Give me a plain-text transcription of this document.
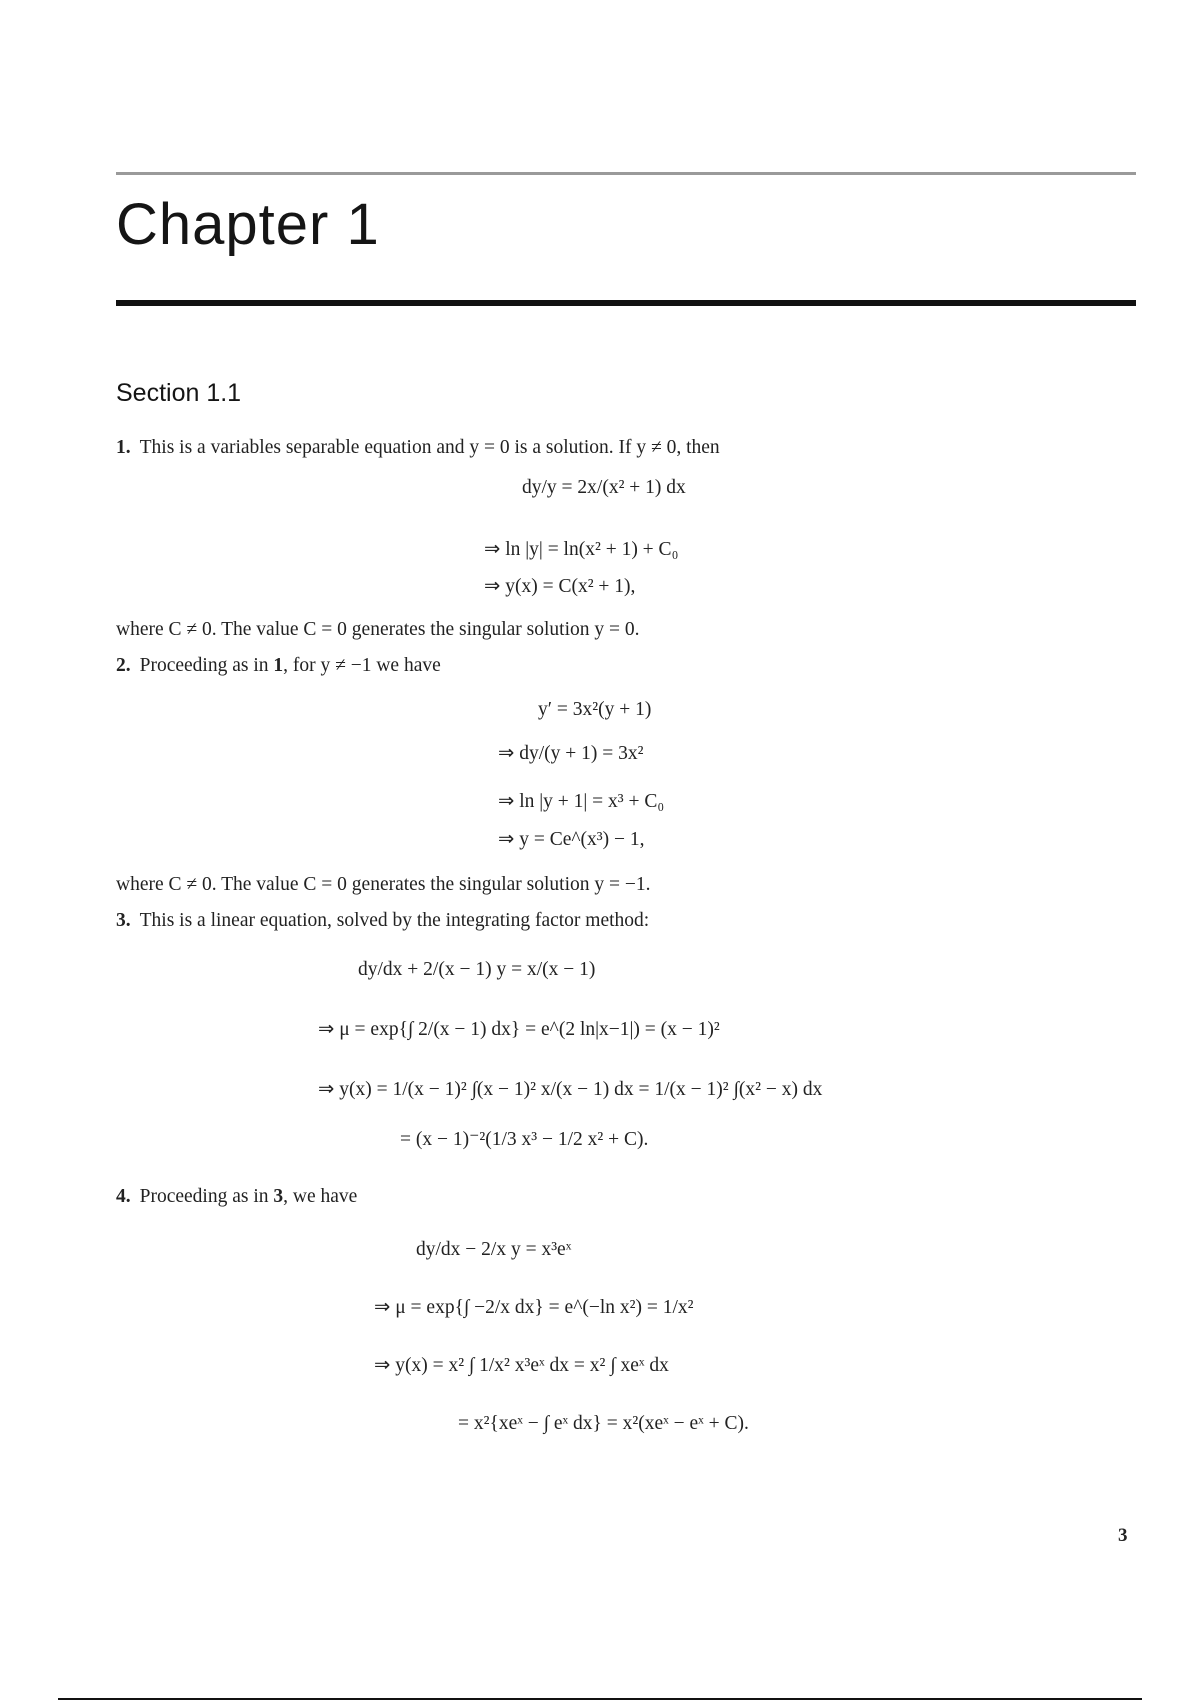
Chapter 1
Section 1.1
1. This is a variables separable equation and y = 0 is a solution. If y ≠ 0, then
dy/y = 2x/(x² + 1) dx
⇒ ln |y| = ln(x² + 1) + C₀
⇒ y(x) = C(x² + 1),
where C ≠ 0. The value C = 0 generates the singular solution y = 0.
2. Proceeding as in 1, for y ≠ −1 we have
y′ = 3x²(y + 1)
⇒ dy/(y + 1) = 3x²
⇒ ln |y + 1| = x³ + C₀
⇒ y = Ce^(x³) − 1,
where C ≠ 0. The value C = 0 generates the singular solution y = −1.
3. This is a linear equation, solved by the integrating factor method:
dy/dx + 2/(x − 1) y = x/(x − 1)
⇒ μ = exp{∫ 2/(x − 1) dx} = e^(2 ln|x−1|) = (x − 1)²
⇒ y(x) = 1/(x − 1)² ∫(x − 1)² x/(x − 1) dx = 1/(x − 1)² ∫(x² − x) dx
= (x − 1)⁻²(1/3 x³ − 1/2 x² + C).
4. Proceeding as in 3, we have
dy/dx − 2/x y = x³eˣ
⇒ μ = exp{∫ −2/x dx} = e^(−ln x²) = 1/x²
⇒ y(x) = x² ∫ 1/x² x³eˣ dx = x² ∫ xeˣ dx
= x²{xeˣ − ∫ eˣ dx} = x²(xeˣ − eˣ + C).
3
